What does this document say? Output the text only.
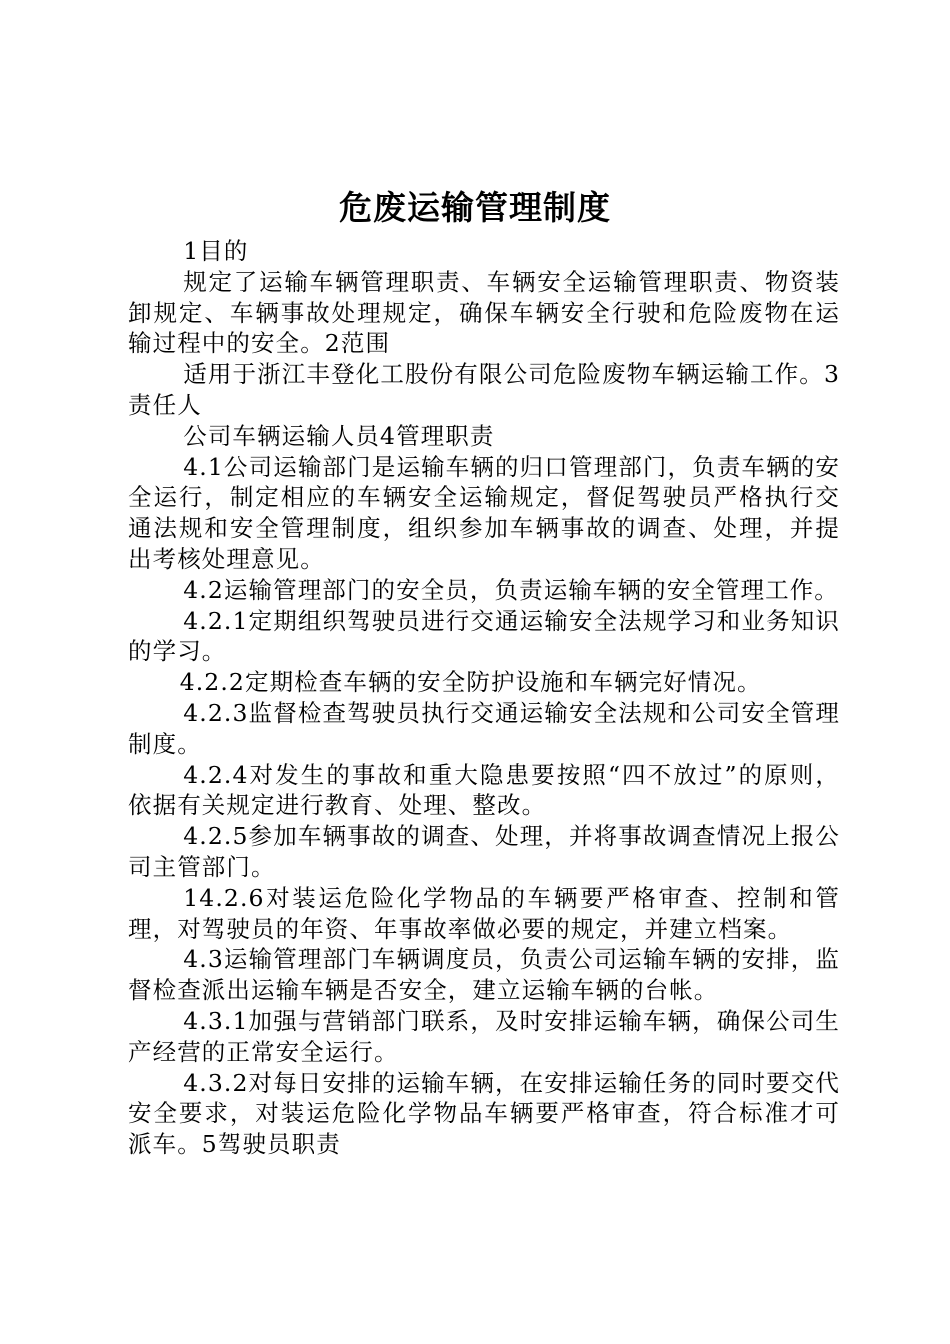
危废运输管理制度

1目的

规定了运输车辆管理职责、车辆安全运输管理职责、物资装卸规定、车辆事故处理规定，确保车辆安全行驶和危险废物在运输过程中的安全。2范围

适用于浙江丰登化工股份有限公司危险废物车辆运输工作。3责任人

公司车辆运输人员4管理职责

4.1公司运输部门是运输车辆的归口管理部门，负责车辆的安全运行，制定相应的车辆安全运输规定，督促驾驶员严格执行交通法规和安全管理制度，组织参加车辆事故的调查、处理，并提出考核处理意见。

4.2运输管理部门的安全员，负责运输车辆的安全管理工作。

4.2.1定期组织驾驶员进行交通运输安全法规学习和业务知识的学习。

4.2.2定期检查车辆的安全防护设施和车辆完好情况。

4.2.3监督检查驾驶员执行交通运输安全法规和公司安全管理制度。

4.2.4对发生的事故和重大隐患要按照“四不放过”的原则，依据有关规定进行教育、处理、整改。

4.2.5参加车辆事故的调查、处理，并将事故调查情况上报公司主管部门。

14.2.6对装运危险化学物品的车辆要严格审查、控制和管理，对驾驶员的年资、年事故率做必要的规定，并建立档案。

4.3运输管理部门车辆调度员，负责公司运输车辆的安排，监督检查派出运输车辆是否安全，建立运输车辆的台帐。

4.3.1加强与营销部门联系，及时安排运输车辆，确保公司生产经营的正常安全运行。

4.3.2对每日安排的运输车辆，在安排运输任务的同时要交代安全要求，对装运危险化学物品车辆要严格审查，符合标准才可派车。5驾驶员职责
